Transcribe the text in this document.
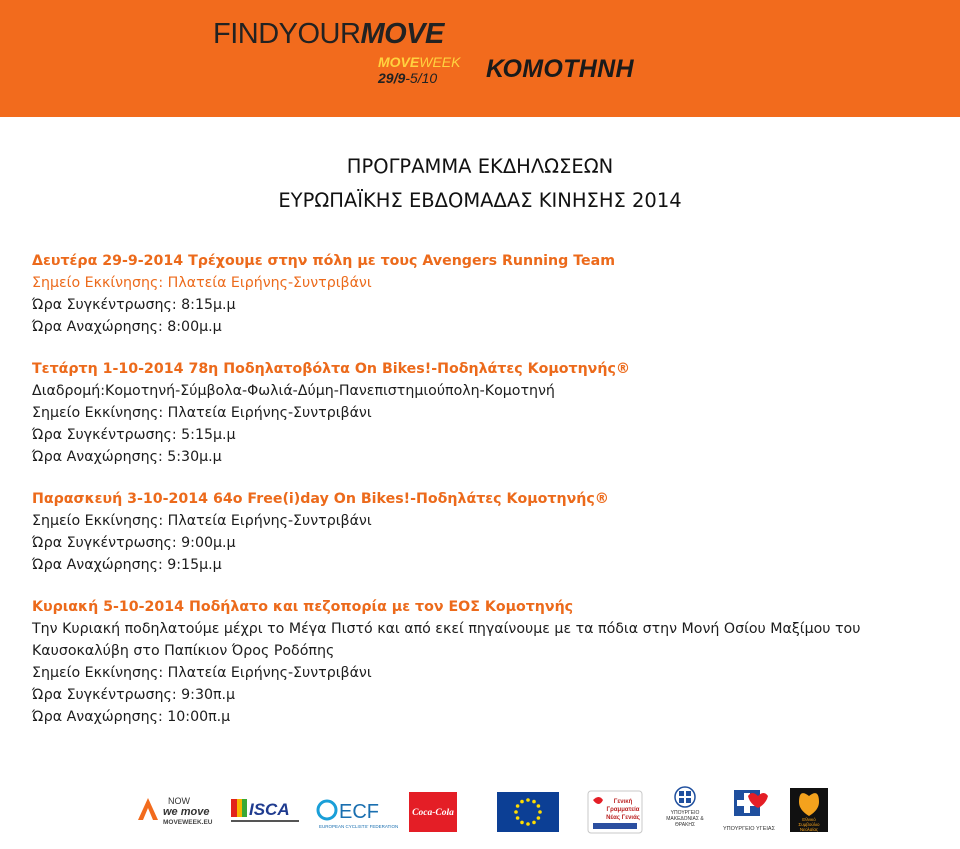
FINDYOURMOVE
MOVEWEEK
29/9-5/10 ΚΟΜΟΤΗΝΗ
ΠΡΟΓΡΑΜΜΑ ΕΚΔΗΛΩΣΕΩΝ
ΕΥΡΩΠΑΪΚΗΣ ΕΒΔΟΜΑΔΑΣ ΚΙΝΗΣΗΣ 2014
Δευτέρα 29-9-2014 Τρέχουμε στην πόλη με τους Avengers Running Team
Σημείο Εκκίνησης: Πλατεία Ειρήνης-Συντριβάνι
Ώρα Συγκέντρωσης: 8:15μ.μ
Ώρα Αναχώρησης: 8:00μ.μ
Τετάρτη 1-10-2014 78η Ποδηλατοβόλτα On Bikes!-Ποδηλάτες Κομοτηνής®
Διαδρομή:Κομοτηνή-Σύμβολα-Φωλιά-Δύμη-Πανεπιστημιούπολη-Κομοτηνή
Σημείο Εκκίνησης: Πλατεία Ειρήνης-Συντριβάνι
Ώρα Συγκέντρωσης: 5:15μ.μ
Ώρα Αναχώρησης: 5:30μ.μ
Παρασκευή 3-10-2014 64ο Free(i)day On Bikes!-Ποδηλάτες Κομοτηνής®
Σημείο Εκκίνησης: Πλατεία Ειρήνης-Συντριβάνι
Ώρα Συγκέντρωσης: 9:00μ.μ
Ώρα Αναχώρησης: 9:15μ.μ
Κυριακή 5-10-2014 Ποδήλατο και πεζοπορία με τον ΕΟΣ Κομοτηνής
Την Κυριακή ποδηλατούμε μέχρι το Μέγα Πιστό και από εκεί πηγαίνουμε με τα πόδια στην Μονή Οσίου Μαξίμου του Καυσοκαλύβη στο Παπίκιον Όρος Ροδόπης
Σημείο Εκκίνησης: Πλατεία Ειρήνης-Συντριβάνι
Ώρα Συγκέντρωσης: 9:30π.μ
Ώρα Αναχώρησης: 10:00π.μ
NOW
we move
MOVEWEEK.EU
ISCA ECF
EUROPEAN CYCLISTS' FEDERATION
Coca-Cola
Γενική
Γραμματεία
Νέας Γενιάς
ΥΠΟΥΡΓΕΙΟ ΜΑΚΕΔΟΝΙΑΣ & ΘΡΑΚΗΣ
ΥΠΟΥΡΓΕΙΟ ΥΓΕΙΑΣ
Εθνικό
Συμβούλιο
Νεολαίας
